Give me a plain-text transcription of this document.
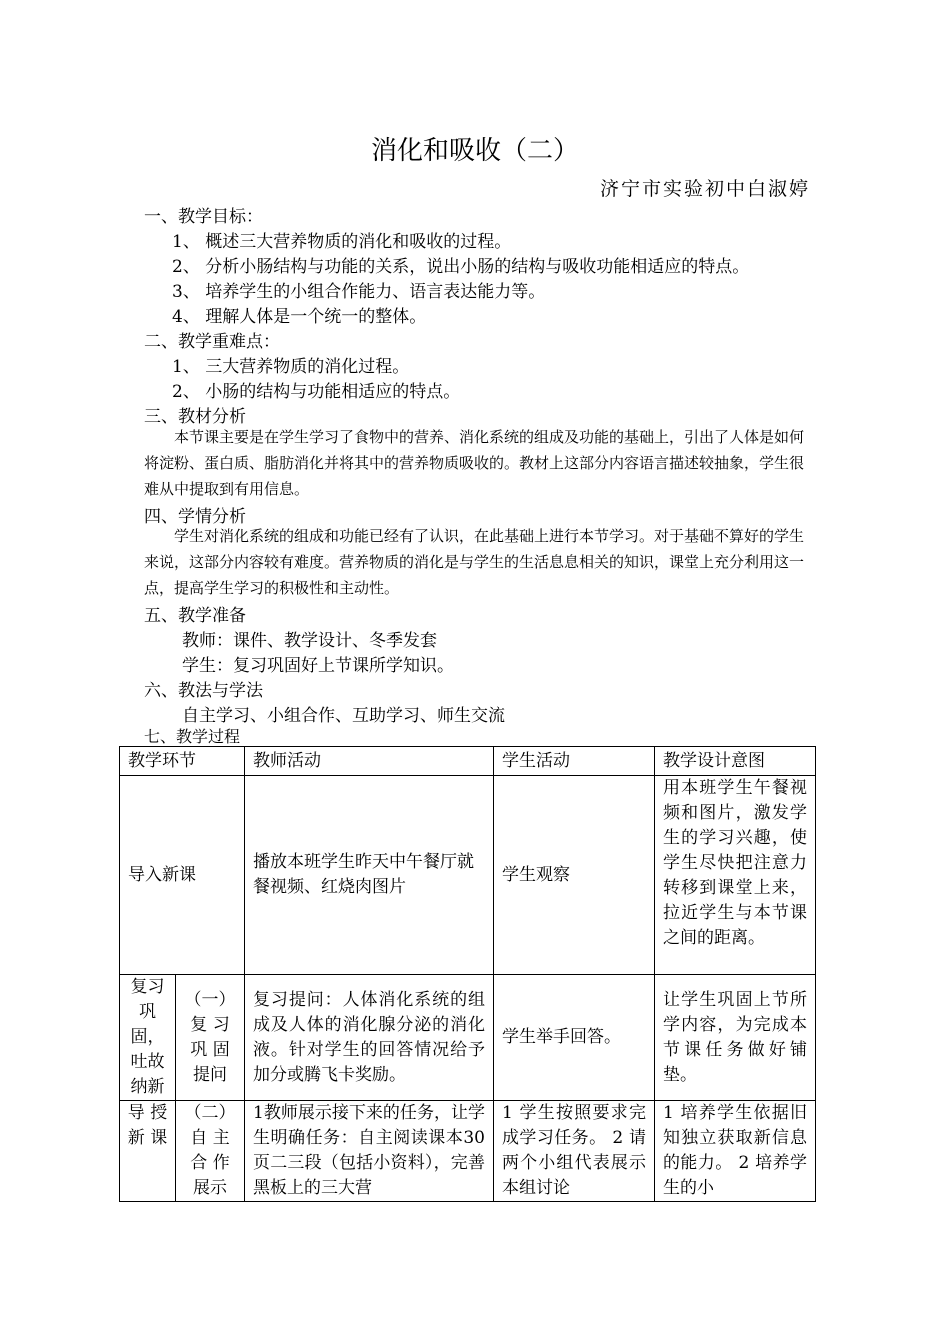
消化和吸收（二）
济宁市实验初中白淑婷
一、教学目标：
1、 概述三大营养物质的消化和吸收的过程。
2、 分析小肠结构与功能的关系，说出小肠的结构与吸收功能相适应的特点。
3、 培养学生的小组合作能力、语言表达能力等。
4、 理解人体是一个统一的整体。
二、教学重难点：
1、 三大营养物质的消化过程。
2、 小肠的结构与功能相适应的特点。
三、教材分析
本节课主要是在学生学习了食物中的营养、消化系统的组成及功能的基础上，引出了人体是如何将淀粉、蛋白质、脂肪消化并将其中的营养物质吸收的。教材上这部分内容语言描述较抽象，学生很难从中提取到有用信息。
四、学情分析
学生对消化系统的组成和功能已经有了认识，在此基础上进行本节学习。对于基础不算好的学生来说，这部分内容较有难度。营养物质的消化是与学生的生活息息相关的知识，课堂上充分利用这一点，提高学生学习的积极性和主动性。
五、教学准备
教师：课件、教学设计、冬季发套
学生：复习巩固好上节课所学知识。
六、教法与学法
自主学习、小组合作、互助学习、师生交流
七、教学过程
教学环节		教师活动	学生活动	教学设计意图
导入新课		播放本班学生昨天中午餐厅就餐视频、红烧肉图片	学生观察	用本班学生午餐视频和图片，激发学生的学习兴趣，使学生尽快把注意力转移到课堂上来，拉近学生与本节课之间的距离。
复习巩固，吐故纳新	（一）复 习 巩 固 提问	复习提问：人体消化系统的组成及人体的消化腺分泌的消化液。针对学生的回答情况给予加分或腾飞卡奖励。	学生举手回答。	让学生巩固上节所学内容，为完成本节课任务做好铺垫。
导 授 新 课	（二） 自 主 合 作 展示	1教师展示接下来的任务，让学生明确任务：自主阅读课本30页二三段（包括小资料），完善黑板上的三大营	1 学生按照要求完成学习任务。 2 请两个小组代表展示本组讨论	1 培养学生依据旧知独立获取新信息的能力。 2 培养学生的小
